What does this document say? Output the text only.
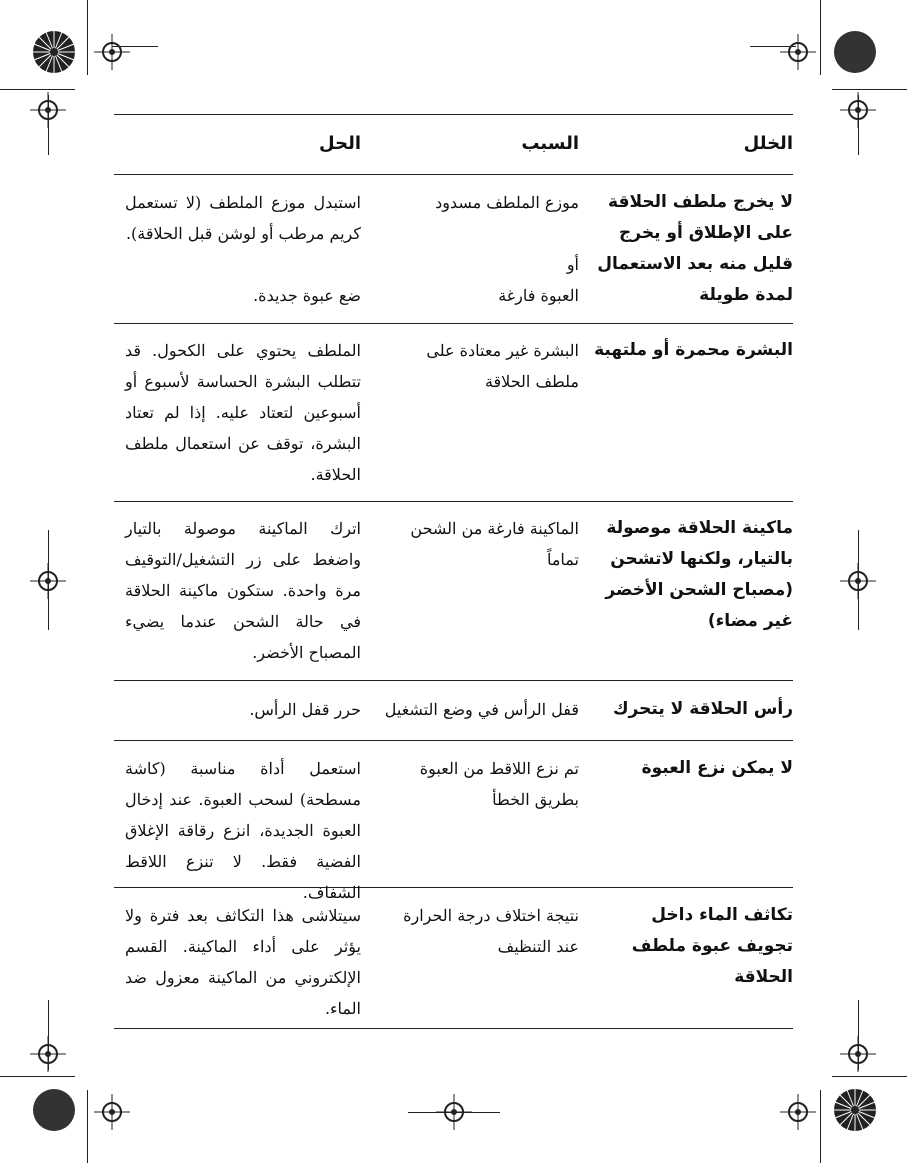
الخلل
السبب
الحل
لا يخرج ملطف الحلاقة
على الإطلاق أو يخرج
قليل منه بعد الاستعمال
لمدة طويلة
موزع الملطف مسدود

أو
العبوة فارغة
استبدل موزع الملطف (لا تستعمل كريم مرطب أو لوشن قبل الحلاقة).

ضع عبوة جديدة.
البشرة محمرة أو ملتهبة
البشرة غير معتادة على ملطف الحلاقة
الملطف يحتوي على الكحول. قد تتطلب البشرة الحساسة لأسبوع أو أسبوعين لتعتاد عليه. إذا لم تعتاد البشرة، توقف عن استعمال ملطف الحلاقة.
ماكينة الحلاقة موصولة بالتيار، ولكنها لاتشحن (مصباح الشحن الأخضر غير مضاء)
الماكينة فارغة من الشحن تماماً
اترك الماكينة موصولة بالتيار واضغط على زر التشغيل/التوقيف مرة واحدة. ستكون ماكينة الحلاقة في حالة الشحن عندما يضيء المصباح الأخضر.
رأس الحلاقة لا يتحرك
قفل الرأس في وضع التشغيل
حرر قفل الرأس.
لا يمكن نزع العبوة
تم نزع اللاقط من العبوة بطريق الخطأ
استعمل أداة مناسبة (كاشة مسطحة) لسحب العبوة. عند إدخال العبوة الجديدة، انزع رقاقة الإغلاق الفضية فقط. لا تنزع اللاقط الشفاف.
تكاثف الماء داخل تجويف عبوة ملطف الحلاقة
نتيجة اختلاف درجة الحرارة عند التنظيف
سيتلاشى هذا التكاثف بعد فترة ولا يؤثر على أداء الماكينة. القسم الإلكتروني من الماكينة معزول ضد الماء.
